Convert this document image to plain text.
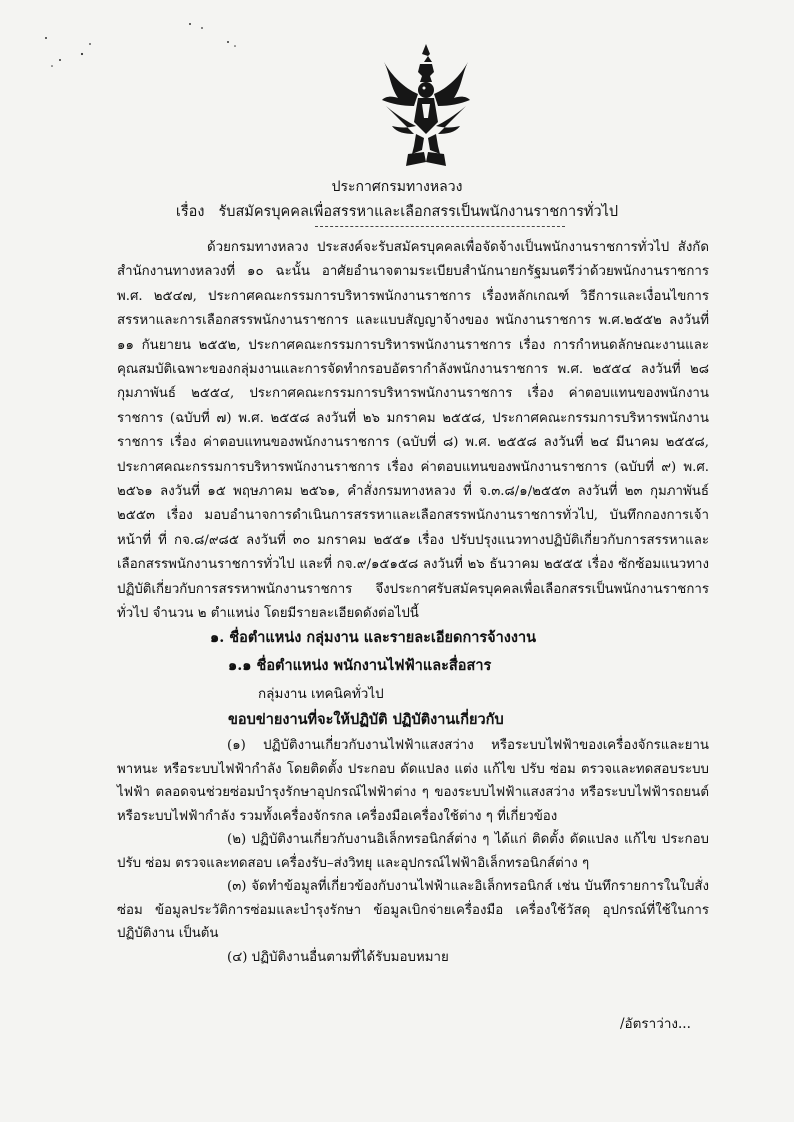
ประกาศกรมทางหลวง
เรื่อง รับสมัครบุคคลเพื่อสรรหาและเลือกสรรเป็นพนักงานราชการทั่วไป

ด้วยกรมทางหลวง ประสงค์จะรับสมัครบุคคลเพื่อจัดจ้างเป็นพนักงานราชการทั่วไป สังกัดสำนักงานทางหลวงที่ ๑๐ ฉะนั้น อาศัยอำนาจตามระเบียบสำนักนายกรัฐมนตรีว่าด้วยพนักงานราชการ พ.ศ. ๒๕๔๗, ประกาศคณะกรรมการบริหารพนักงานราชการ เรื่องหลักเกณฑ์ วิธีการและเงื่อนไขการสรรหาและการเลือกสรรพนักงานราชการ และแบบสัญญาจ้างของ พนักงานราชการ พ.ศ.๒๕๕๒ ลงวันที่ ๑๑ กันยายน ๒๕๕๒, ประกาศคณะกรรมการบริหารพนักงานราชการ เรื่อง การกำหนดลักษณะงานและคุณสมบัติเฉพาะของกลุ่มงานและการจัดทำกรอบอัตรากำลังพนักงานราชการ พ.ศ. ๒๕๕๔ ลงวันที่ ๒๘ กุมภาพันธ์ ๒๕๕๔, ประกาศคณะกรรมการบริหารพนักงานราชการ เรื่อง ค่าตอบแทนของพนักงานราชการ (ฉบับที่ ๗) พ.ศ. ๒๕๕๘ ลงวันที่ ๒๖ มกราคม ๒๕๕๘, ประกาศคณะกรรมการบริหารพนักงานราชการ เรื่อง ค่าตอบแทนของพนักงานราชการ (ฉบับที่ ๘) พ.ศ. ๒๕๕๘ ลงวันที่ ๒๔ มีนาคม ๒๕๕๘, ประกาศคณะกรรมการบริหารพนักงานราชการ เรื่อง ค่าตอบแทนของพนักงานราชการ (ฉบับที่ ๙) พ.ศ. ๒๕๖๑ ลงวันที่ ๑๕ พฤษภาคม ๒๕๖๑, คำสั่งกรมทางหลวง ที่ จ.๓.๘/๑/๒๕๕๓ ลงวันที่ ๒๓ กุมภาพันธ์ ๒๕๕๓ เรื่อง มอบอำนาจการดำเนินการสรรหาและเลือกสรรพนักงานราชการทั่วไป, บันทึกกองการเจ้าหน้าที่ ที่ กจ.๘/๙๘๕ ลงวันที่ ๓๐ มกราคม ๒๕๕๑ เรื่อง ปรับปรุงแนวทางปฏิบัติเกี่ยวกับการสรรหาและเลือกสรรพนักงานราชการทั่วไป และที่ กจ.๙/๑๕๑๕๘ ลงวันที่ ๒๖ ธันวาคม ๒๕๕๕ เรื่อง ซักซ้อมแนวทางปฏิบัติเกี่ยวกับการสรรหาพนักงานราชการ จึงประกาศรับสมัครบุคคลเพื่อเลือกสรรเป็นพนักงานราชการทั่วไป จำนวน ๒ ตำแหน่ง โดยมีรายละเอียดดังต่อไปนี้

๑. ชื่อตำแหน่ง กลุ่มงาน และรายละเอียดการจ้างงาน
๑.๑ ชื่อตำแหน่ง พนักงานไฟฟ้าและสื่อสาร
กลุ่มงาน เทคนิคทั่วไป
ขอบข่ายงานที่จะให้ปฏิบัติ ปฏิบัติงานเกี่ยวกับ
(๑) ปฏิบัติงานเกี่ยวกับงานไฟฟ้าแสงสว่าง หรือระบบไฟฟ้าของเครื่องจักรและยานพาหนะ หรือระบบไฟฟ้ากำลัง โดยติดตั้ง ประกอบ ดัดแปลง แต่ง แก้ไข ปรับ ซ่อม ตรวจและทดสอบระบบไฟฟ้า ตลอดจนช่วยซ่อมบำรุงรักษาอุปกรณ์ไฟฟ้าต่าง ๆ ของระบบไฟฟ้าแสงสว่าง หรือระบบไฟฟ้ารถยนต์ หรือระบบไฟฟ้ากำลัง รวมทั้งเครื่องจักรกล เครื่องมือเครื่องใช้ต่าง ๆ ที่เกี่ยวข้อง
(๒) ปฏิบัติงานเกี่ยวกับงานอิเล็กทรอนิกส์ต่าง ๆ ได้แก่ ติดตั้ง ดัดแปลง แก้ไข ประกอบ ปรับ ซ่อม ตรวจและทดสอบ เครื่องรับ–ส่งวิทยุ และอุปกรณ์ไฟฟ้าอิเล็กทรอนิกส์ต่าง ๆ
(๓) จัดทำข้อมูลที่เกี่ยวข้องกับงานไฟฟ้าและอิเล็กทรอนิกส์ เช่น บันทึกรายการในใบสั่งซ่อม ข้อมูลประวัติการซ่อมและบำรุงรักษา ข้อมูลเบิกจ่ายเครื่องมือ เครื่องใช้วัสดุ อุปกรณ์ที่ใช้ในการปฏิบัติงาน เป็นต้น
(๔) ปฏิบัติงานอื่นตามที่ได้รับมอบหมาย
/อัตราว่าง...
